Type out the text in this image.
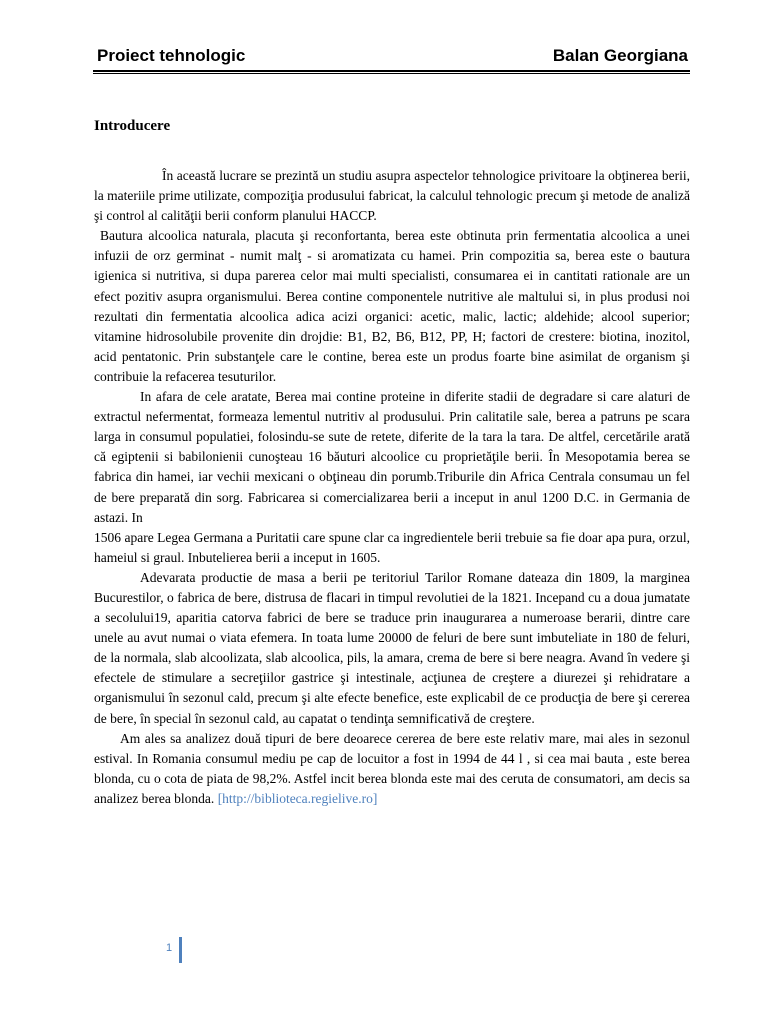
Proiect tehnologic	Balan Georgiana
Introducere

În această lucrare se prezintă un studiu asupra aspectelor tehnologice privitoare la obţinerea berii, la materiile prime utilizate, compoziţia produsului fabricat, la calculul tehnologic precum şi metode de analiză şi control al calităţii berii conform planului HACCP.

Bautura alcoolica naturala, placuta şi reconfortanta, berea este obtinuta prin fermentatia alcoolica a unei infuzii de orz germinat - numit malţ - si aromatizata cu hamei. Prin compozitia sa, berea este o bautura igienica si nutritiva, si dupa parerea celor mai multi specialisti, consumarea ei in cantitati rationale are un efect pozitiv asupra organismului. Berea contine componentele nutritive ale maltului si, in plus produsi noi rezultati din fermentatia alcoolica adica acizi organici: acetic, malic, lactic; aldehide; alcool superior; vitamine hidrosolubile provenite din drojdie: B1, B2, B6, B12, PP, H; factori de crestere: biotina, inozitol, acid pentatonic. Prin substanţele care le contine, berea este un produs foarte bine asimilat de organism şi contribuie la refacerea tesuturilor.

In afara de cele aratate, Berea mai contine proteine in diferite stadii de degradare si care alaturi de extractul nefermentat, formeaza lementul nutritiv al produsului. Prin calitatile sale, berea a patruns pe scara larga in consumul populatiei, folosindu-se sute de retete, diferite de la tara la tara. De altfel, cercetările arată că egiptenii si babilonienii cunoşteau 16 băuturi alcoolice cu proprietăţile berii. În Mesopotamia berea se fabrica din hamei, iar vechii mexicani o obţineau din porumb.Triburile din Africa Centrala consumau un fel de bere preparată din sorg. Fabricarea si comercializarea berii a inceput in anul 1200 D.C. in Germania de astazi. In

1506 apare Legea Germana a Puritatii care spune clar ca ingredientele berii trebuie sa fie doar apa pura, orzul, hameiul si graul. Inbutelierea berii a inceput in 1605.

Adevarata productie de masa a berii pe teritoriul Tarilor Romane dateaza din 1809, la marginea Bucurestilor, o fabrica de bere, distrusa de flacari in timpul revolutiei de la 1821. Incepand cu a doua jumatate a secolului19, aparitia catorva fabrici de bere se traduce prin inaugurarea a numeroase berarii, dintre care unele au avut numai o viata efemera. In toata lume 20000 de feluri de bere sunt imbuteliate in 180 de feluri, de la normala, slab alcoolizata, slab alcoolica, pils, la amara, crema de bere si bere neagra. Avand în vedere şi efectele de stimulare a secreţiilor gastrice şi intestinale, acţiunea de creştere a diurezei şi rehidratare a organismului în sezonul cald, precum şi alte efecte benefice, este explicabil de ce producţia de bere şi cererea de bere, în special în sezonul cald, au capatat o tendinţa semnificativă de creştere.

Am ales sa analizez două tipuri de bere deoarece cererea de bere este relativ mare, mai ales in sezonul estival. In Romania consumul mediu pe cap de locuitor a fost in 1994 de 44 l , si cea mai bauta , este berea blonda, cu o cota de piata de 98,2%. Astfel incit berea blonda este mai des ceruta de consumatori, am decis sa analizez berea blonda. [http://biblioteca.regielive.ro]

1
